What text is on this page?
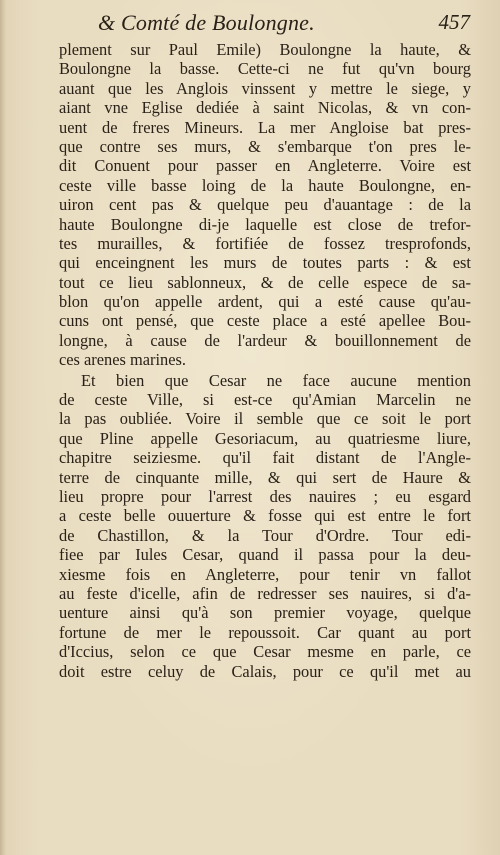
& Comté de Boulongne.	457
plement sur Paul Emile) Boulongne la haute, &
Boulongne la basse. Cette-ci ne fut qu'vn bourg
auant que les Anglois vinssent y mettre le siege, y
aiant vne Eglise dediée à saint Nicolas, & vn con-
uent de freres Mineurs. La mer Angloise bat pres-
que contre ses murs, & s'embarque t'on pres le-
dit Conuent pour passer en Angleterre. Voire est
ceste ville basse loing de la haute Boulongne, en-
uiron cent pas & quelque peu d'auantage : de la
haute Boulongne di-je laquelle est close de trefor-
tes murailles, & fortifiée de fossez tresprofonds,
qui enceingnent les murs de toutes parts : & est
tout ce lieu sablonneux, & de celle espece de sa-
blon qu'on appelle ardent, qui a esté cause qu'au-
cuns ont pensé, que ceste place a esté apellee Bou-
longne, à cause de l'ardeur & bouillonnement de
ces arenes marines.
Et bien que Cesar ne face aucune mention
de ceste Ville, si est-ce qu'Amian Marcelin ne
la pas oubliée. Voire il semble que ce soit le port
que Pline appelle Gesoriacum, au quatriesme liure,
chapitre seiziesme. qu'il fait distant de l'Angle-
terre de cinquante mille, & qui sert de Haure &
lieu propre pour l'arrest des nauires ; eu esgard
a ceste belle ouuerture & fosse qui est entre le fort
de Chastillon, & la Tour d'Ordre. Tour edi-
fiee par Iules Cesar, quand il passa pour la deu-
xiesme fois en Angleterre, pour tenir vn fallot
au feste d'icelle, afin de redresser ses nauires, si d'a-
uenture ainsi qu'à son premier voyage, quelque
fortune de mer le repoussoit. Car quant au port
d'Iccius, selon ce que Cesar mesme en parle, ce
doit estre celuy de Calais, pour ce qu'il met au
